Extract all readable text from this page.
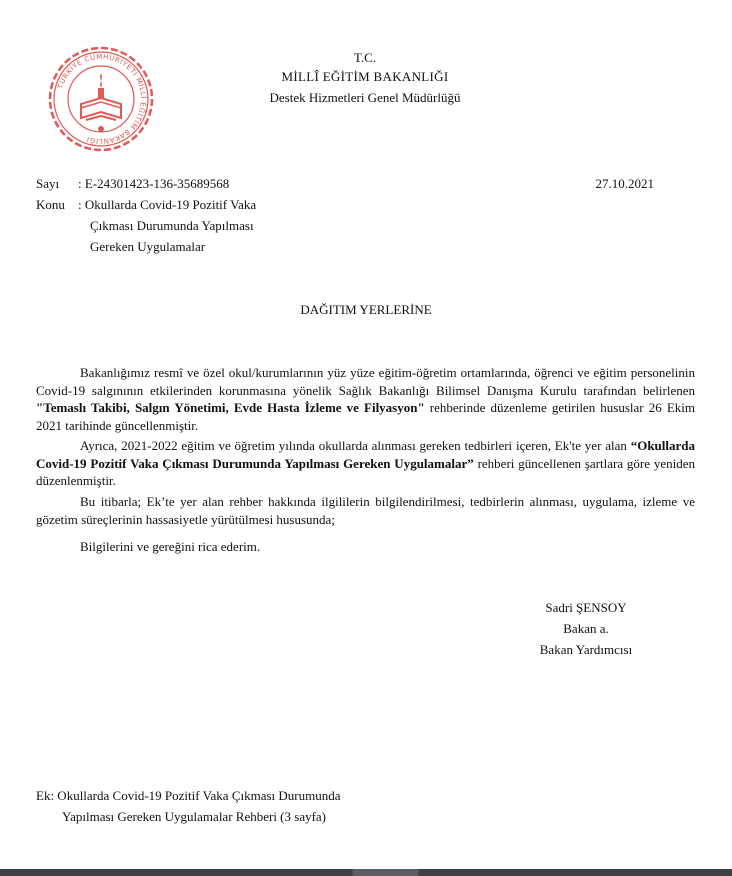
TÜRKİYE CUMHURİYETİ MİLLÎ EĞİTİM BAKANLIĞI
T.C.
MİLLÎ EĞİTİM BAKANLIĞI
Destek Hizmetleri Genel Müdürlüğü
Sayı : E-24301423-136-35689568	27.10.2021
Konu : Okullarda Covid-19 Pozitif Vaka
Çıkması Durumunda Yapılması
Gereken Uygulamalar
DAĞITIM YERLERİNE
Bakanlığımız resmî ve özel okul/kurumlarının yüz yüze eğitim-öğretim ortamlarında, öğrenci ve eğitim personelinin Covid-19 salgınının etkilerinden korunmasına yönelik Sağlık Bakanlığı Bilimsel Danışma Kurulu tarafından belirlenen "Temaslı Takibi, Salgın Yönetimi, Evde Hasta İzleme ve Filyasyon" rehberinde düzenleme getirilen hususlar 26 Ekim 2021 tarihinde güncellenmiştir.
Ayrıca, 2021-2022 eğitim ve öğretim yılında okullarda alınması gereken tedbirleri içeren, Ek'te yer alan “Okullarda Covid-19 Pozitif Vaka Çıkması Durumunda Yapılması Gereken Uygulamalar” rehberi güncellenen şartlara göre yeniden düzenlenmiştir.
Bu itibarla; Ek’te yer alan rehber hakkında ilgililerin bilgilendirilmesi, tedbirlerin alınması, uygulama, izleme ve gözetim süreçlerinin hassasiyetle yürütülmesi hususunda;
Bilgilerini ve gereğini rica ederim.
Sadri ŞENSOY
Bakan a.
Bakan Yardımcısı
Ek: Okullarda Covid-19 Pozitif Vaka Çıkması Durumunda
Yapılması Gereken Uygulamalar Rehberi (3 sayfa)
